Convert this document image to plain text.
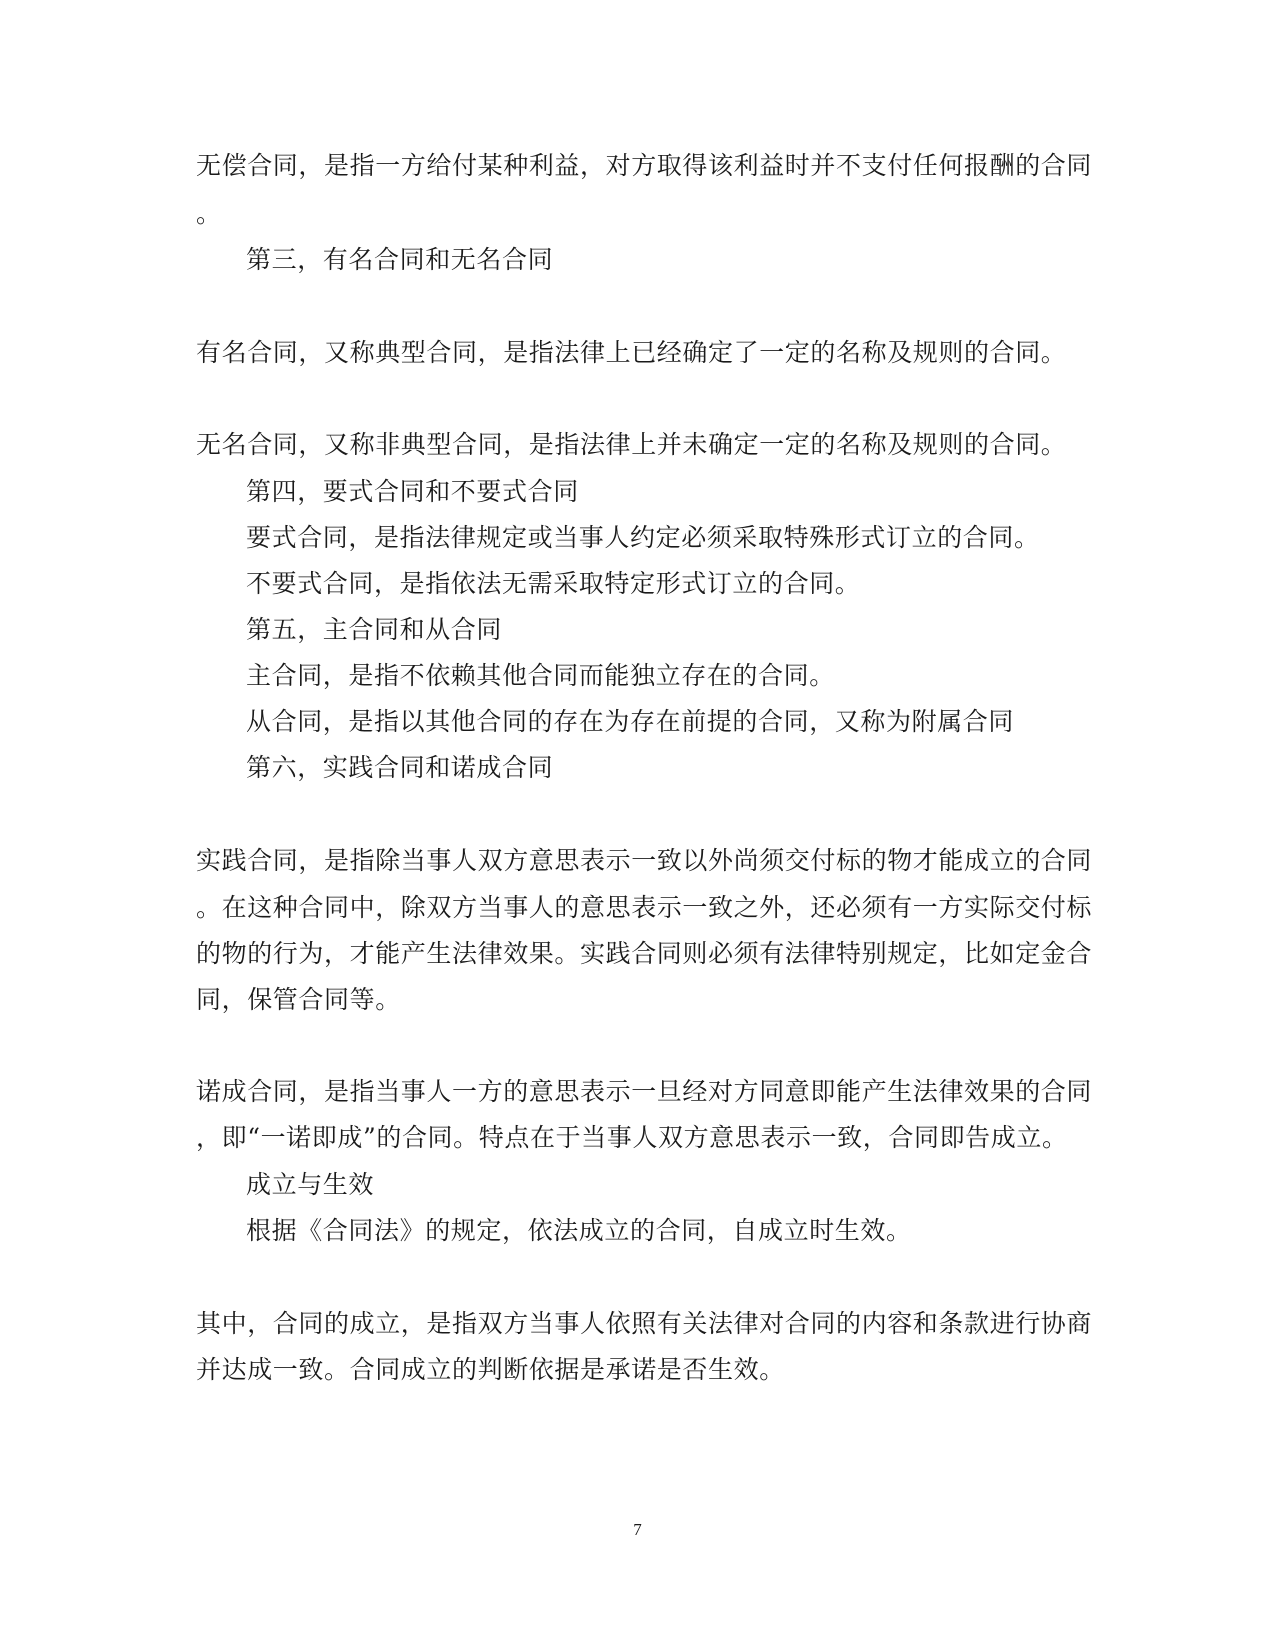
无偿合同，是指一方给付某种利益，对方取得该利益时并不支付任何报酬的合同
。
第三，有名合同和无名合同
有名合同，又称典型合同，是指法律上已经确定了一定的名称及规则的合同。
无名合同，又称非典型合同，是指法律上并未确定一定的名称及规则的合同。
第四，要式合同和不要式合同
要式合同，是指法律规定或当事人约定必须采取特殊形式订立的合同。
不要式合同，是指依法无需采取特定形式订立的合同。
第五，主合同和从合同
主合同，是指不依赖其他合同而能独立存在的合同。
从合同，是指以其他合同的存在为存在前提的合同，又称为附属合同
第六，实践合同和诺成合同
实践合同，是指除当事人双方意思表示一致以外尚须交付标的物才能成立的合同
。在这种合同中，除双方当事人的意思表示一致之外，还必须有一方实际交付标
的物的行为，才能产生法律效果。实践合同则必须有法律特别规定，比如定金合
同，保管合同等。
诺成合同，是指当事人一方的意思表示一旦经对方同意即能产生法律效果的合同
，即“一诺即成”的合同。特点在于当事人双方意思表示一致，合同即告成立。
成立与生效
根据《合同法》的规定，依法成立的合同，自成立时生效。
其中，合同的成立，是指双方当事人依照有关法律对合同的内容和条款进行协商
并达成一致。合同成立的判断依据是承诺是否生效。
7
